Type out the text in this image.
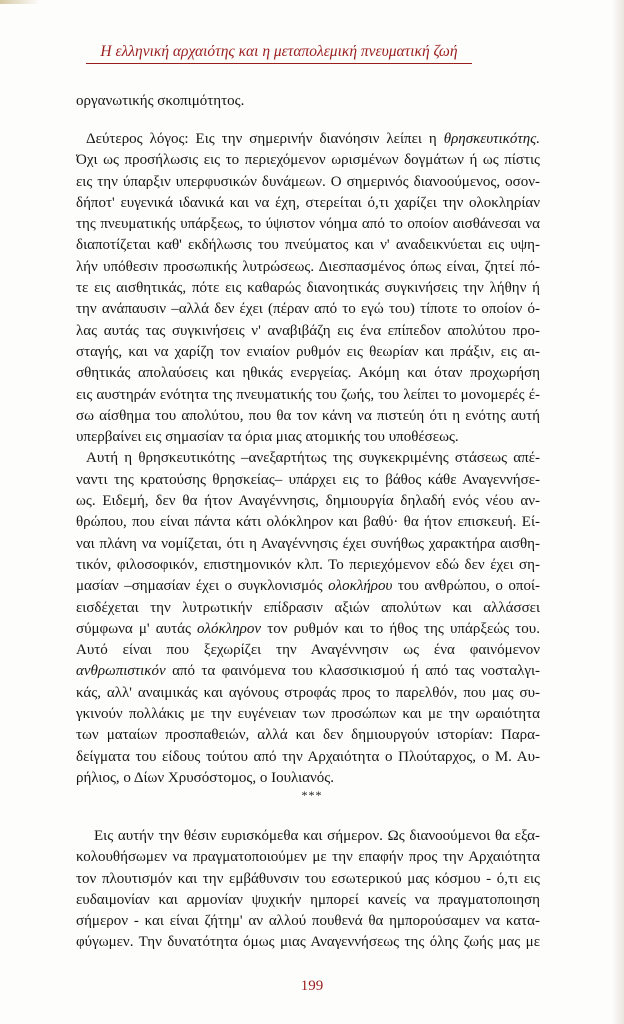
Η ελληνική αρχαιότης και η μεταπολεμική πνευματική ζωή
οργανωτικής σκοπιμότητος.
Δεύτερος λόγος: Εις την σημερινήν διανόησιν λείπει η θρησκευτικότης.
Όχι ως προσήλωσις εις το περιεχόμενον ωρισμένων δογμάτων ή ως πίστις
εις την ύπαρξιν υπερφυσικών δυνάμεων. Ο σημερινός διανοούμενος, οσον-
δήποτ' ευγενικά ιδανικά και να έχη, στερείται ό,τι χαρίζει την ολοκληρίαν
της πνευματικής υπάρξεως, το ύψιστον νόημα από το οποίον αισθάνεσαι να
διαποτίζεται καθ' εκδήλωσις του πνεύματος και ν' αναδεικνύεται εις υψη-
λήν υπόθεσιν προσωπικής λυτρώσεως. Διεσπασμένος όπως είναι, ζητεί πό-
τε εις αισθητικάς, πότε εις καθαρώς διανοητικάς συγκινήσεις την λήθην ή
την ανάπαυσιν –αλλά δεν έχει (πέραν από το εγώ του) τίποτε το οποίον ό-
λας αυτάς τας συγκινήσεις ν' αναβιβάζη εις ένα επίπεδον απολύτου προ-
σταγής, και να χαρίζη τον ενιαίον ρυθμόν εις θεωρίαν και πράξιν, εις αι-
σθητικάς απολαύσεις και ηθικάς ενεργείας. Ακόμη και όταν προχωρήση
εις αυστηράν ενότητα της πνευματικής του ζωής, του λείπει το μονομερές έ-
σω αίσθημα του απολύτου, που θα τον κάνη να πιστεύη ότι η ενότης αυτή
υπερβαίνει εις σημασίαν τα όρια μιας ατομικής του υποθέσεως.
Αυτή η θρησκευτικότης –ανεξαρτήτως της συγκεκριμένης στάσεως απέ-
ναντι της κρατούσης θρησκείας– υπάρχει εις το βάθος κάθε Αναγεννήσε-
ως. Ειδεμή, δεν θα ήτον Αναγέννησις, δημιουργία δηλαδή ενός νέου αν-
θρώπου, που είναι πάντα κάτι ολόκληρον και βαθύ· θα ήτον επισκευή. Εί-
ναι πλάνη να νομίζεται, ότι η Αναγέννησις έχει συνήθως χαρακτήρα αισθη-
τικόν, φιλοσοφικόν, επιστημονικόν κλπ. Το περιεχόμενον εδώ δεν έχει ση-
μασίαν –σημασίαν έχει ο συγκλονισμός ολοκλήρου του ανθρώπου, ο οποί-
εισδέχεται την λυτρωτικήν επίδρασιν αξιών απολύτων και αλλάσσει
σύμφωνα μ' αυτάς ολόκληρον τον ρυθμόν και το ήθος της υπάρξεώς του.
Αυτό είναι που ξεχωρίζει την Αναγέννησιν ως ένα φαινόμενον
ανθρωπιστικόν από τα φαινόμενα του κλασσικισμού ή από τας νοσταλγι-
κάς, αλλ' αναιμικάς και αγόνους στροφάς προς το παρελθόν, που μας συ-
γκινούν πολλάκις με την ευγένειαν των προσώπων και με την ωραιότητα
των ματαίων προσπαθειών, αλλά και δεν δημιουργούν ιστορίαν: Παρα-
δείγματα του είδους τούτου από την Αρχαιότητα ο Πλούταρχος, ο Μ. Αυ-
ρήλιος, ο Δίων Χρυσόστομος, ο Ιουλιανός.
***
Εις αυτήν την θέσιν ευρισκόμεθα και σήμερον. Ως διανοούμενοι θα εξα-
κολουθήσωμεν να πραγματοποιούμεν με την επαφήν προς την Αρχαιότητα
τον πλουτισμόν και την εμβάθυνσιν του εσωτερικού μας κόσμου - ό,τι εις
ευδαιμονίαν και αρμονίαν ψυχικήν ημπορεί κανείς να πραγματοποιηση
σήμερον - και είναι ζήτημ' αν αλλού πουθενά θα ημπορούσαμεν να κατα-
φύγωμεν. Την δυνατότητα όμως μιας Αναγεννήσεως της όλης ζωής μας με
199
